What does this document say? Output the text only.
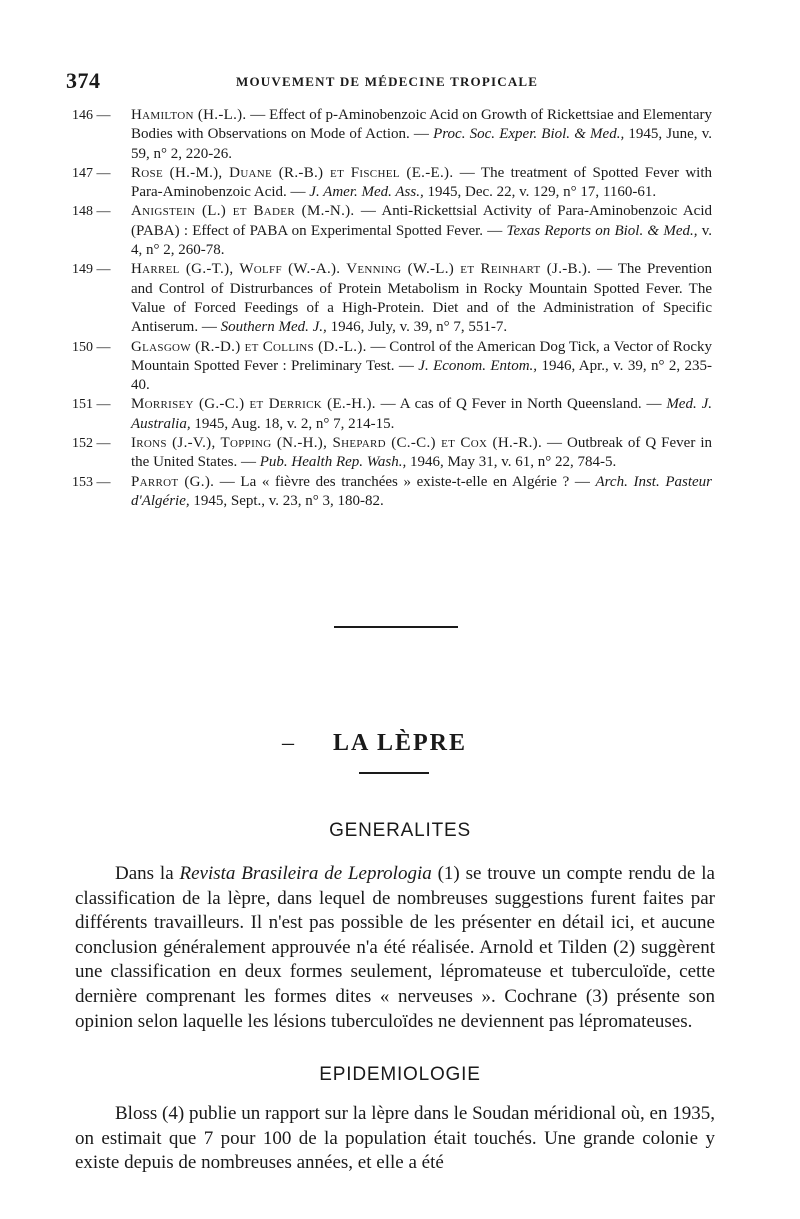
374	MOUVEMENT DE MÉDECINE TROPICALE
146 —	Hamilton (H.-L.). — Effect of p-Aminobenzoic Acid on Growth of Rickettsiae and Elementary Bodies with Observations on Mode of Action. — Proc. Soc. Exper. Biol. & Med., 1945, June, v. 59, n° 2, 220-26.
147 —	Rose (H.-M.), Duane (R.-B.) et Fischel (E.-E.). — The treatment of Spotted Fever with Para-Aminobenzoic Acid. — J. Amer. Med. Ass., 1945, Dec. 22, v. 129, n° 17, 1160-61.
148 —	Anigstein (L.) et Bader (M.-N.). — Anti-Rickettsial Activity of Para-Aminobenzoic Acid (PABA) : Effect of PABA on Experimental Spotted Fever. — Texas Reports on Biol. & Med., v. 4, n° 2, 260-78.
149 —	Harrel (G.-T.), Wolff (W.-A.). Venning (W.-L.) et Reinhart (J.-B.). — The Prevention and Control of Distrurbances of Protein Metabolism in Rocky Mountain Spotted Fever. The Value of Forced Feedings of a High-Protein. Diet and of the Administration of Specific Antiserum. — Southern Med. J., 1946, July, v. 39, n° 7, 551-7.
150 —	Glasgow (R.-D.) et Collins (D.-L.). — Control of the American Dog Tick, a Vector of Rocky Mountain Spotted Fever : Preliminary Test. — J. Econom. Entom., 1946, Apr., v. 39, n° 2, 235-40.
151 —	Morrisey (G.-C.) et Derrick (E.-H.). — A cas of Q Fever in North Queensland. — Med. J. Australia, 1945, Aug. 18, v. 2, n° 7, 214-15.
152 —	Irons (J.-V.), Topping (N.-H.), Shepard (C.-C.) et Cox (H.-R.). — Outbreak of Q Fever in the United States. — Pub. Health Rep. Wash., 1946, May 31, v. 61, n° 22, 784-5.
153 —	Parrot (G.). — La « fièvre des tranchées » existe-t-elle en Algérie ? — Arch. Inst. Pasteur d'Algérie, 1945, Sept., v. 23, n° 3, 180-82.
– LA LÈPRE
GENERALITES
Dans la Revista Brasileira de Leprologia (1) se trouve un compte rendu de la classification de la lèpre, dans lequel de nombreuses suggestions furent faites par différents travailleurs. Il n'est pas possible de les présenter en détail ici, et aucune conclusion généralement approuvée n'a été réalisée. Arnold et Tilden (2) suggèrent une classification en deux formes seulement, lépromateuse et tuberculoïde, cette dernière comprenant les formes dites « nerveuses ». Cochrane (3) présente son opinion selon laquelle les lésions tuberculoïdes ne deviennent pas lépromateuses.
EPIDEMIOLOGIE
Bloss (4) publie un rapport sur la lèpre dans le Soudan méridional où, en 1935, on estimait que 7 pour 100 de la population était touchés. Une grande colonie y existe depuis de nombreuses années, et elle a été
